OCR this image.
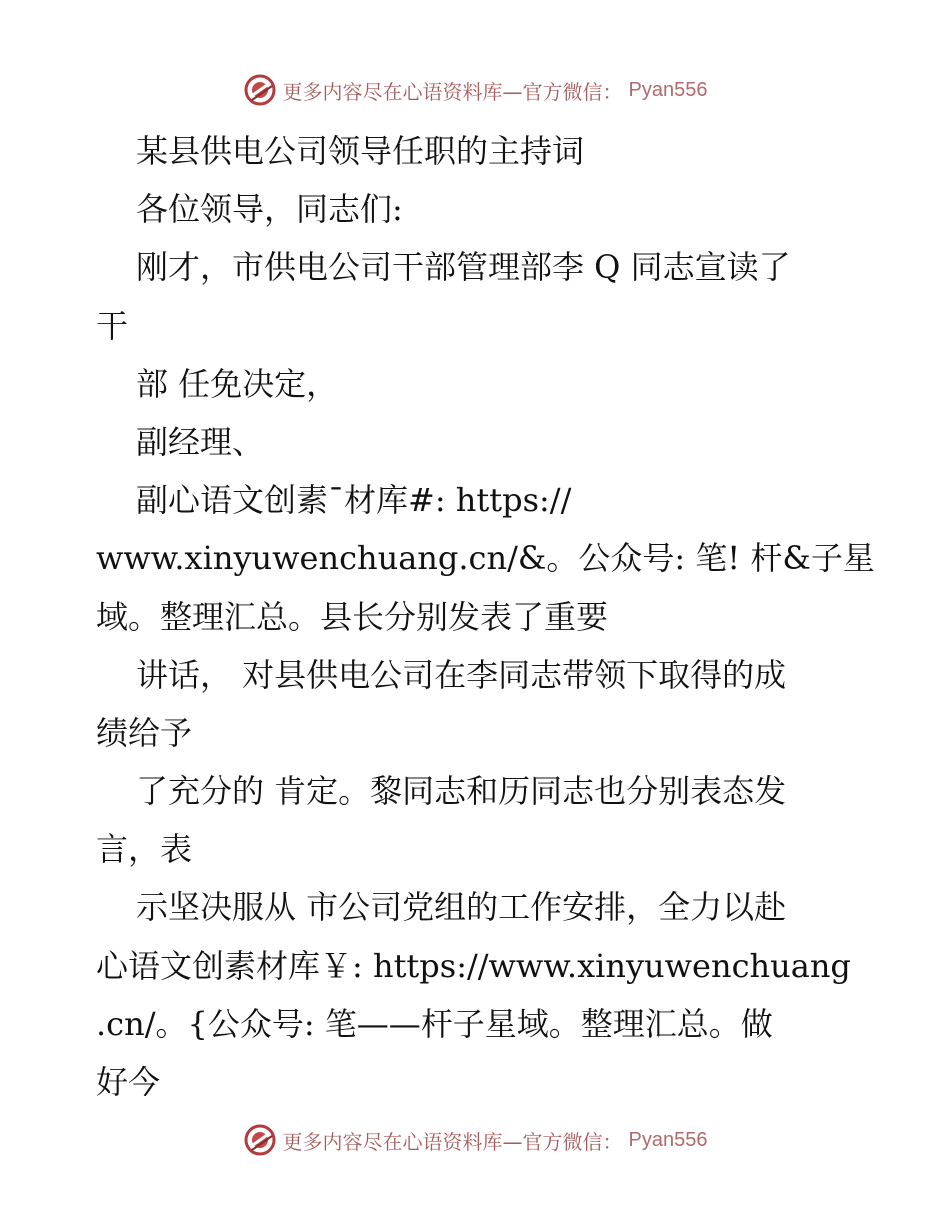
更多内容尽在心语资料库—官方微信： Pyan556
某县供电公司领导任职的主持词
各位领导，同志们:
刚才，市供电公司干部管理部李 Q 同志宣读了
干
部 任免决定，
副经理、
副心语文创素¯材库#: https://
www.xinyuwenchuang.cn/&。公众号: 笔! 杆&子星
域。整理汇总。县长分别发表了重要
讲话， 对县供电公司在李同志带领下取得的成
绩给予
了充分的 肯定。黎同志和历同志也分别表态发
言，表
示坚决服从 市公司党组的工作安排，全力以赴
心语文创素材库￥: https://www.xinyuwenchuang
.cn/。{公众号: 笔——杆子星域。整理汇总。做
好今
更多内容尽在心语资料库—官方微信： Pyan556
